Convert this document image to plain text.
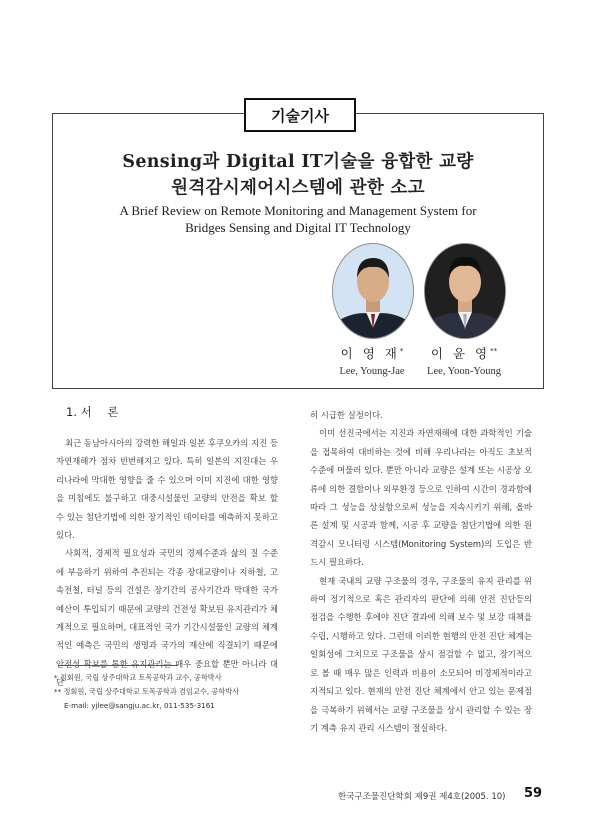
기술기사
Sensing과 Digital IT기술을 융합한 교량
원격감시제어시스템에 관한 소고

A Brief Review on Remote Monitoring and Management System for

Bridges Sensing and Digital IT Technology

이 영 재*	이 윤 영**
Lee, Young-Jae	Lee, Yoon-Young
1. 서 론

최근 동남아시아의 강력한 해일과 일본 후쿠오카의 지진 등 자연재해가 점차 빈번해지고 있다. 특히 일본의 지진대는 우리나라에 막대한 영향을 줄 수 있으며 이미 지진에 대한 영향을 미침에도 불구하고 대중시설물인 교량의 안전을 확보 할 수 있는 첨단기법에 의한 장기적인 데이터를 예측하지 못하고 있다.

사회적, 경제적 필요성과 국민의 경제수준과 삶의 질 수준에 부응하기 위하여 추진되는 각종 장대교량이나 지하철, 고속전철, 터널 등의 건설은 장기간의 공사기간과 막대한 국가예산이 투입되기 때문에 교량의 건전성 확보된 유지관리가 체계적으로 필요하며, 대표적인 국가 기간시설물인 교량의 체계적인 예측은 국민의 생명과 국가의 재산에 직결되기 때문에 안전성 확보를 통한 유지관리는 매우 중요할 뿐만 아니라 대단

히 시급한 실정이다.

이미 선진국에서는 지진과 자연재해에 대한 과학적인 기술을 접목하여 대비하는 것에 비해 우리나라는 아직도 초보적 수준에 머물러 있다. 뿐만 아니라 교량은 설계 또는 시공상 오류에 의한 결함이나 외부환경 등으로 인하여 시간이 경과함에 따라 그 성능을 상실함으로써 성능을 지속시키기 위해, 올바른 설계 및 시공과 함께, 시공 후 교량을 첨단기법에 의한 원격감시 모니터링 시스템(Monitoring System)의 도입은 반드시 필요하다.

현재 국내의 교량 구조물의 경우, 구조물의 유지 관리를 위하여 정기적으로 혹은 관리자의 판단에 의해 안전 진단등의 점검을 수행한 후에야 진단 결과에 의해 보수 및 보강 대책을 수립, 시행하고 있다. 그런데 이러한 현행의 안전 진단 체계는 일회성에 그치므로 구조물을 상시 점검할 수 없고, 장기적으로 볼 때 매우 많은 인력과 비용이 소모되어 비경제적이라고 지적되고 있다. 현재의 안전 진단 체계에서 안고 있는 문제점을 극복하기 위해서는 교량 구조물을 상시 관리할 수 있는 장기 계측 유지 관리 시스템이 절실하다.

* 정회원, 국립 상주대학교 토목공학과 교수, 공학박사
** 정회원, 국립 상주대학교 토목공학과 겸임교수, 공학박사
E-mail: yjlee@sangju.ac.kr, 011-535-3161
한국구조물진단학회 제9권 제4호(2005. 10) 59
